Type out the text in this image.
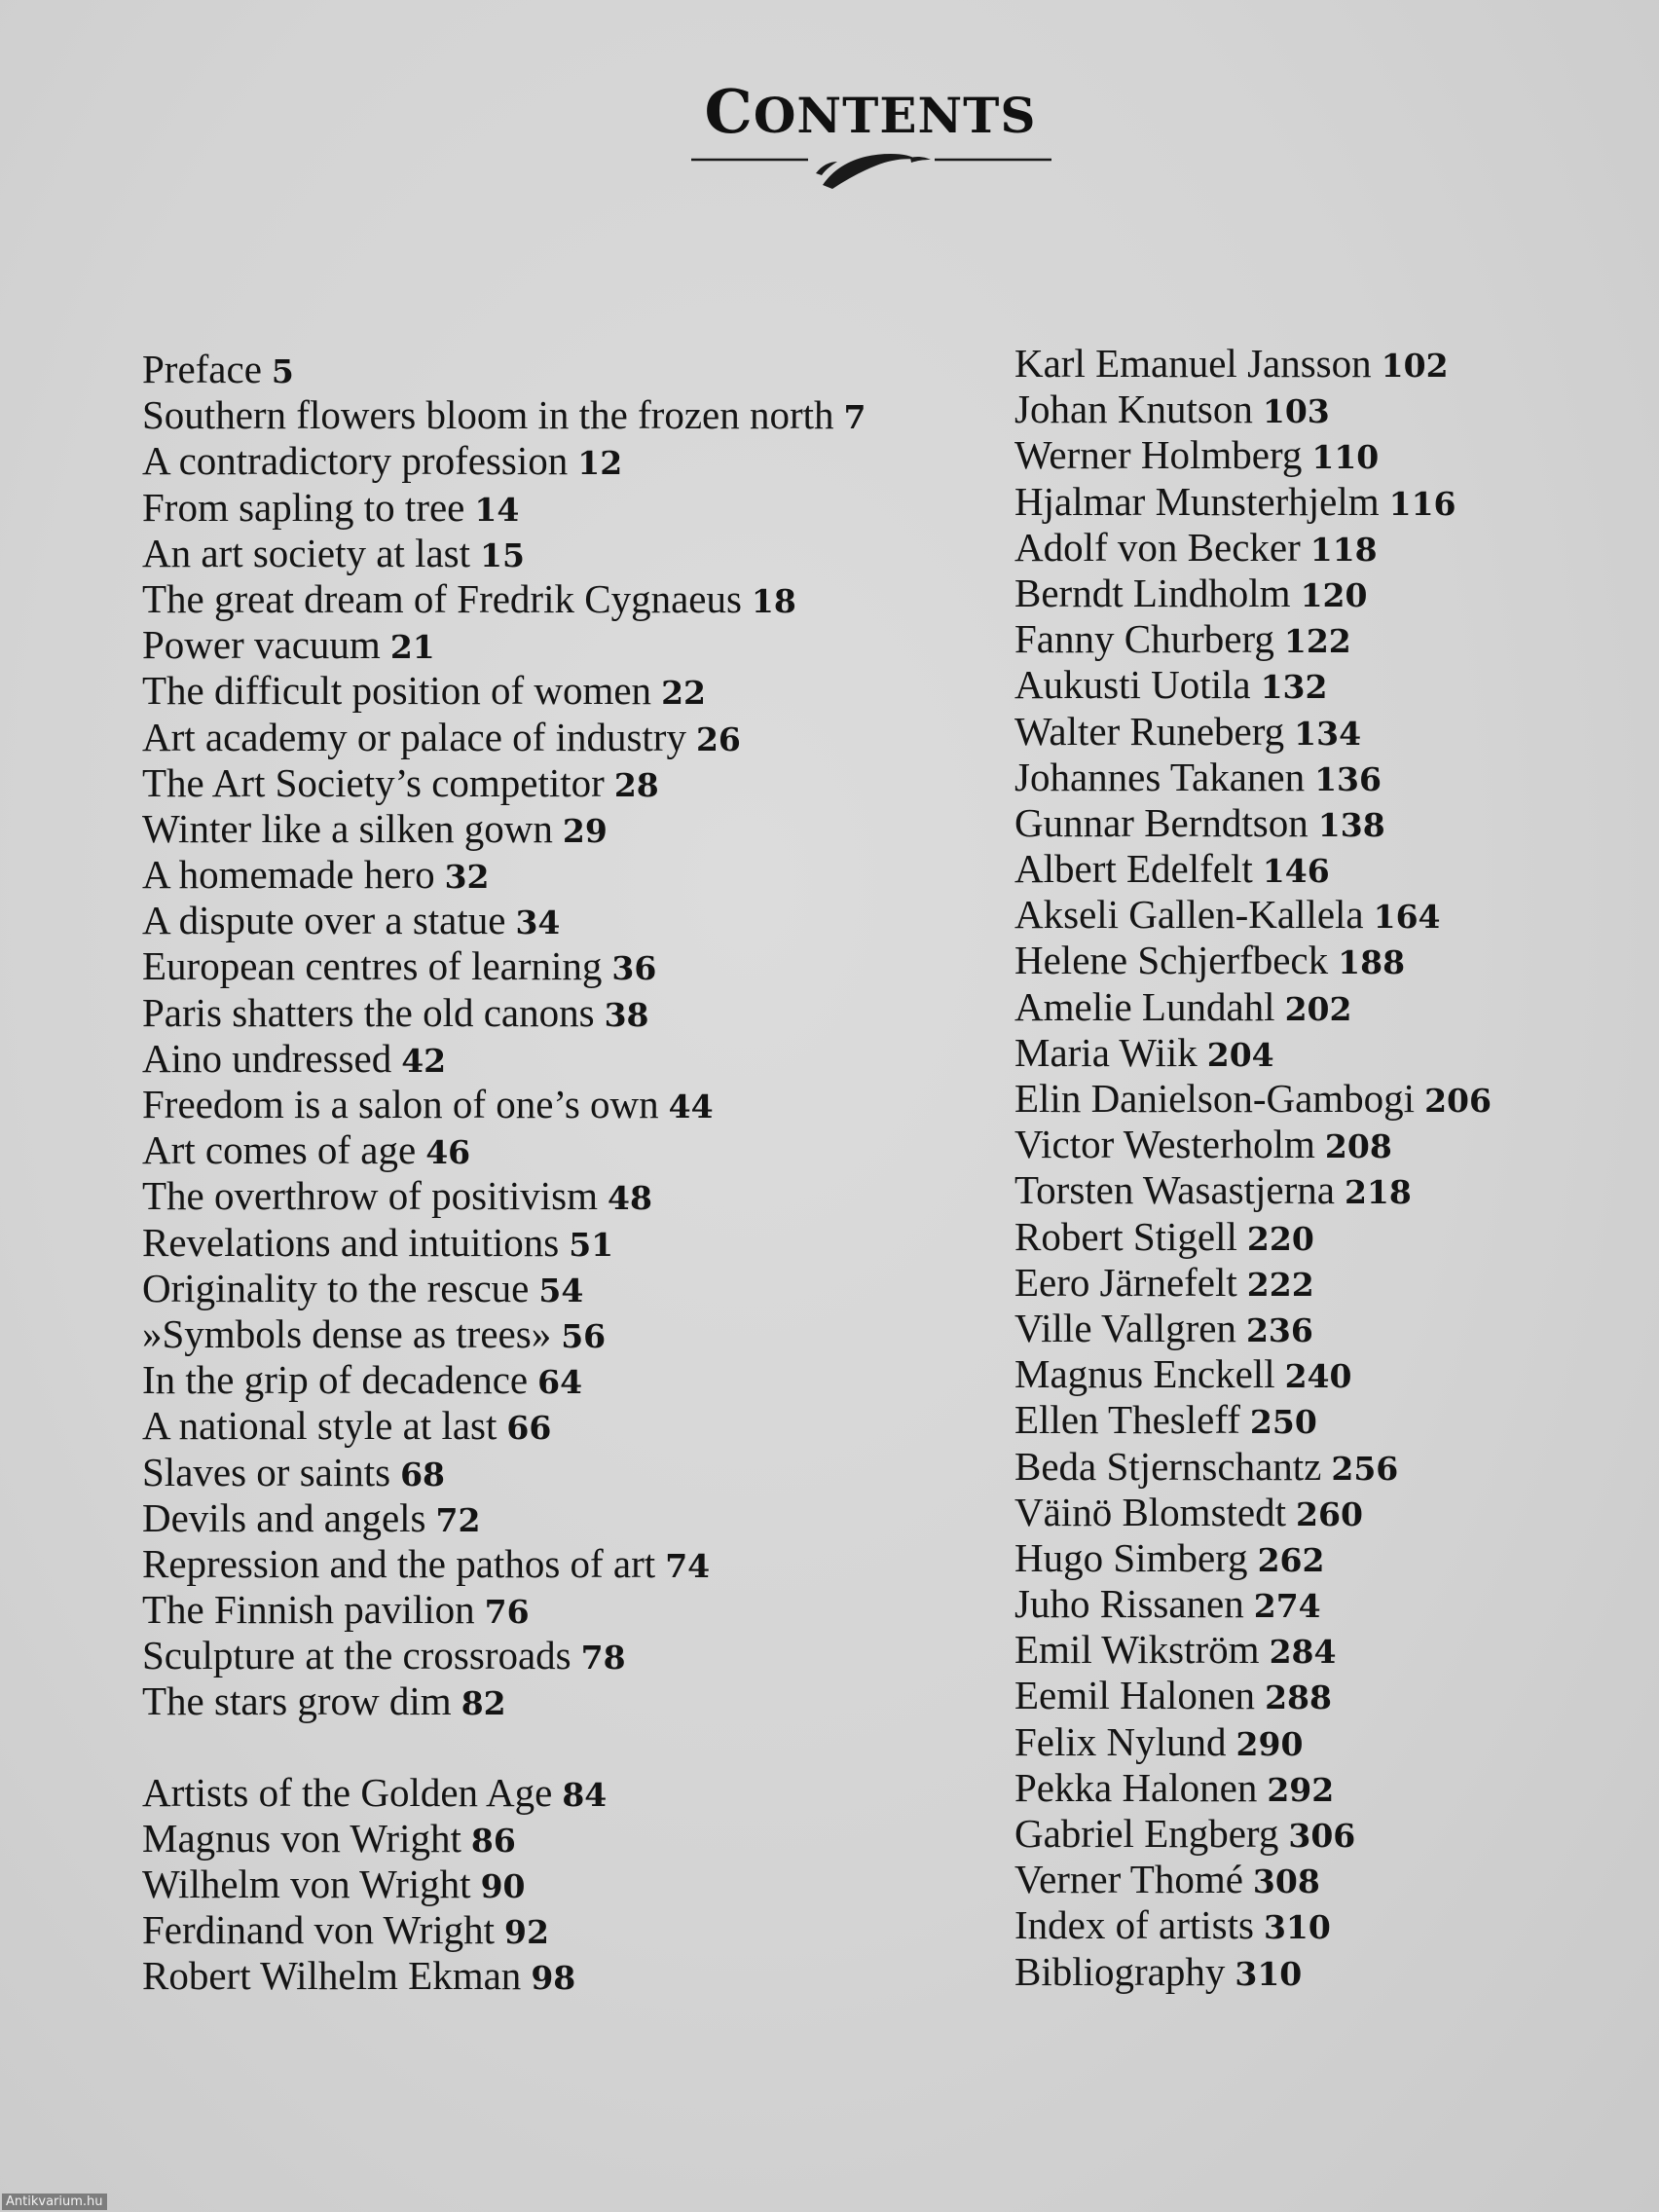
CONTENTS
Preface 5
Southern flowers bloom in the frozen north 7
A contradictory profession 12
From sapling to tree 14
An art society at last 15
The great dream of Fredrik Cygnaeus 18
Power vacuum 21
The difficult position of women 22
Art academy or palace of industry 26
The Art Society’s competitor 28
Winter like a silken gown 29
A homemade hero 32
A dispute over a statue 34
European centres of learning 36
Paris shatters the old canons 38
Aino undressed 42
Freedom is a salon of one’s own 44
Art comes of age 46
The overthrow of positivism 48
Revelations and intuitions 51
Originality to the rescue 54
»Symbols dense as trees» 56
In the grip of decadence 64
A national style at last 66
Slaves or saints 68
Devils and angels 72
Repression and the pathos of art 74
The Finnish pavilion 76
Sculpture at the crossroads 78
The stars grow dim 82
Artists of the Golden Age 84
Magnus von Wright 86
Wilhelm von Wright 90
Ferdinand von Wright 92
Robert Wilhelm Ekman 98
Karl Emanuel Jansson 102
Johan Knutson 103
Werner Holmberg 110
Hjalmar Munsterhjelm 116
Adolf von Becker 118
Berndt Lindholm 120
Fanny Churberg 122
Aukusti Uotila 132
Walter Runeberg 134
Johannes Takanen 136
Gunnar Berndtson 138
Albert Edelfelt 146
Akseli Gallen-Kallela 164
Helene Schjerfbeck 188
Amelie Lundahl 202
Maria Wiik 204
Elin Danielson-Gambogi 206
Victor Westerholm 208
Torsten Wasastjerna 218
Robert Stigell 220
Eero Järnefelt 222
Ville Vallgren 236
Magnus Enckell 240
Ellen Thesleff 250
Beda Stjernschantz 256
Väinö Blomstedt 260
Hugo Simberg 262
Juho Rissanen 274
Emil Wikström 284
Eemil Halonen 288
Felix Nylund 290
Pekka Halonen 292
Gabriel Engberg 306
Verner Thomé 308
Index of artists 310
Bibliography 310
Antikvarium.hu
